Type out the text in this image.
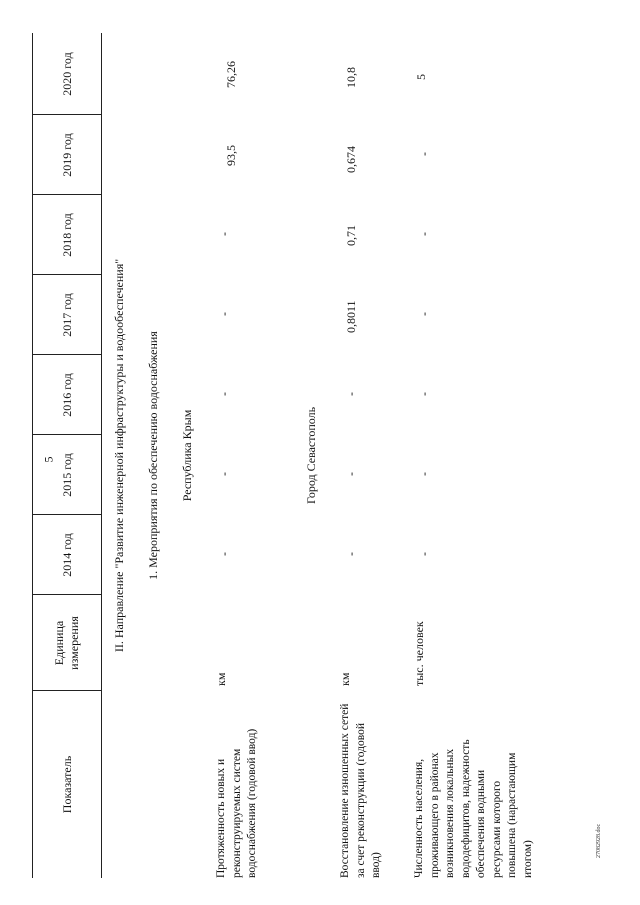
5
Показатель
Единица измерения
2014 год
2015 год
2016 год
2017 год
2018 год
2019 год
2020 год
II. Направление "Развитие инженерной инфраструктуры и водообеспечения" 1. Мероприятия по обеспечению водоснабжения Республика Крым
Протяженность новых и реконструируемых систем водоснабжения (годовой ввод)
км
-
-
-
-
-
93,5
76,26
Город Севастополь
Восстановление изношенных сетей за счет реконструкции (годовой ввод)
км
-
-
-
0,8011
0,71
0,674
10,8
Численность населения, проживающего в районах возникновения локальных вододефицитов, надежность обеспечения водными ресурсами которого повышена (нарастающим итогом)
тыс. человек
-
-
-
-
-
-
5
27082928.doc
